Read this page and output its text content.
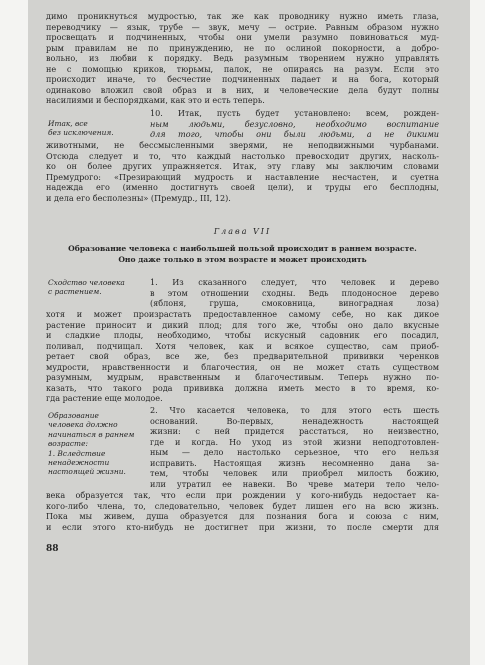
димо проникнуться мудростью, так же как проводнику нужно иметь глаза,
переводчику — язык, трубе — звук, мечу — острие. Равным образом нужно
просвещать и подчиненных, чтобы они умели разумно повиноваться муд-
рым правилам не по принуждению, не по ослиной покорности, а добро-
вольно, из любви к порядку. Ведь разумным творением нужно управлять
не с помощью криков, тюрьмы, палок, не опираясь на разум. Если это
происходит иначе, то бесчестие подчиненных падает и на бога, который
одинаково вложил свой образ и в них, и человеческие дела будут полны
насилиями и беспорядками, как это и есть теперь.
Итак, все
без исключения.
10. Итак, пусть будет установлено: всем, рожден-
ным людьми, безусловно, необходимо воспитание
для того, чтобы они были людьми, а не дикими
животными, не бессмысленными зверями, не неподвижными чурбанами.
Отсюда следует и то, что каждый настолько превосходит других, насколь-
ко он более других упражняется. Итак, эту главу мы заключим словами
Премудрого: «Презирающий мудрость и наставление несчастен, и суетна
надежда его (именно достигнуть своей цели), и труды его бесплодны,
и дела его бесполезны» (Премудр., III, 12).
Глава VII
Образование человека с наибольшей пользой происходит в раннем возрасте.
Оно даже только в этом возрасте и может происходить
Сходство человека
с растением.
1. Из сказанного следует, что человек и дерево
в этом отношении сходны. Ведь плодоносное дерево
(яблоня, груша, смоковница, виноградная лоза)
хотя и может произрастать предоставленное самому себе, но как дикое
растение приносит и дикий плод; для того же, чтобы оно дало вкусные
и сладкие плоды, необходимо, чтобы искусный садовник его посадил,
поливал, подчищал. Хотя человек, как и всякое существо, сам приоб-
ретает свой образ, все же, без предварительной прививки черенков
мудрости, нравственности и благочестия, он не может стать существом
разумным, мудрым, нравственным и благочестивым. Теперь нужно по-
казать, что такого рода прививка должна иметь место в то время, ко-
гда растение еще молодое.
Образование
человека должно
начинаться в раннем
возрасте:
1. Вследствие
ненадежности
настоящей жизни.
2. Что касается человека, то для этого есть шесть
оснований. Во-первых, ненадежность настоящей
жизни: с ней придется расстаться, но неизвестно,
где и когда. Но уход из этой жизни неподготовлен-
ным — дело настолько серьезное, что его нельзя
исправить. Настоящая жизнь несомненно дана за-
тем, чтобы человек или приобрел милость божию,
или утратил ее навеки. Во чреве матери тело чело-
века образуется так, что если при рождении у кого-нибудь недостает ка-
кого-либо члена, то, следовательно, человек будет лишен его на всю жизнь.
Пока мы живем, душа образуется для познания бога и союза с ним,
и если этого кто-нибудь не достигнет при жизни, то после смерти для
88
